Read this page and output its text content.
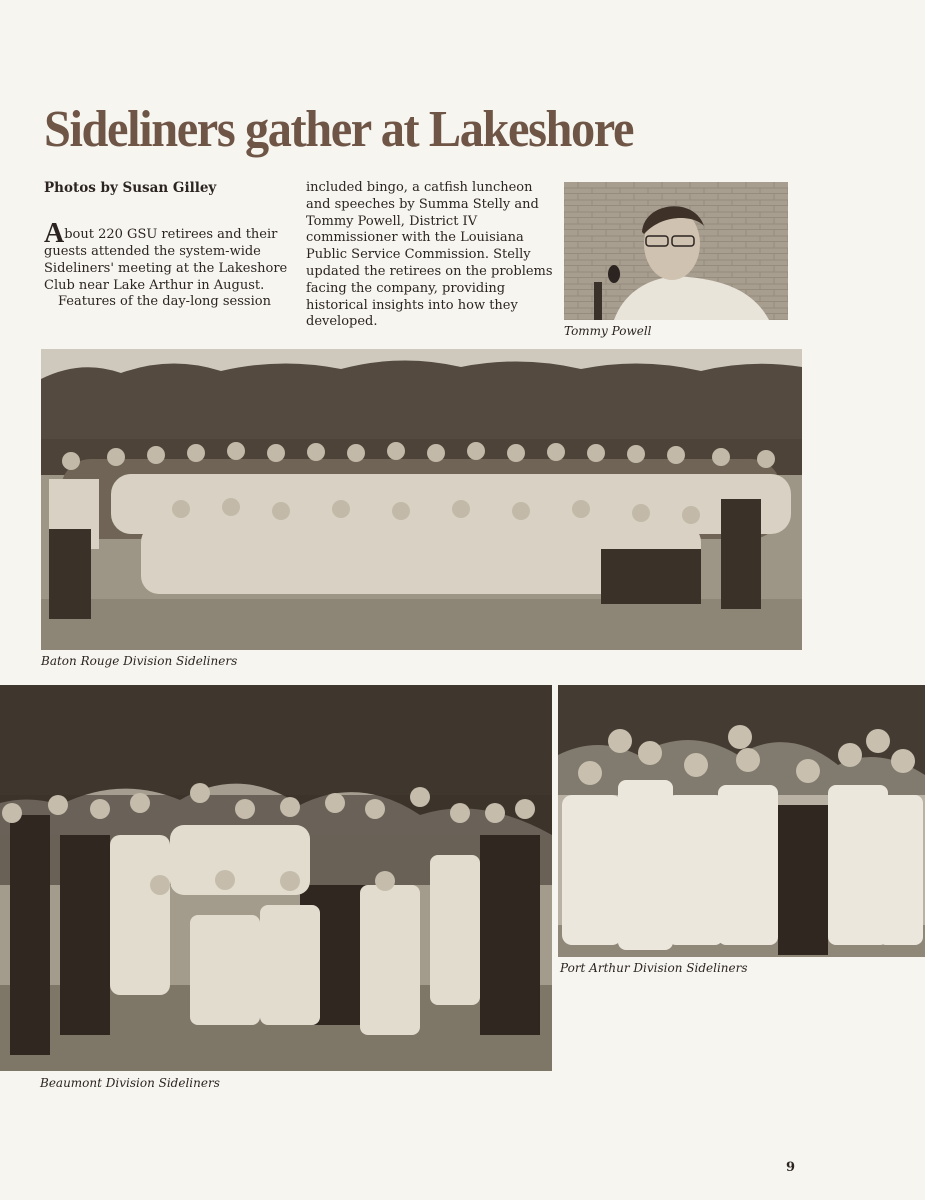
Sideliners gather at Lakeshore

Photos by Susan Gilley

About 220 GSU retirees and their guests attended the system-wide Sideliners' meeting at the Lakeshore Club near Lake Arthur in August.

Features of the day-long session

included bingo, a catfish luncheon and speeches by Summa Stelly and Tommy Powell, District IV commissioner with the Louisiana Public Service Commission. Stelly updated the retirees on the problems facing the company, providing historical insights into how they developed.

Tommy Powell

Baton Rouge Division Sideliners

Beaumont Division Sideliners

Port Arthur Division Sideliners

9
